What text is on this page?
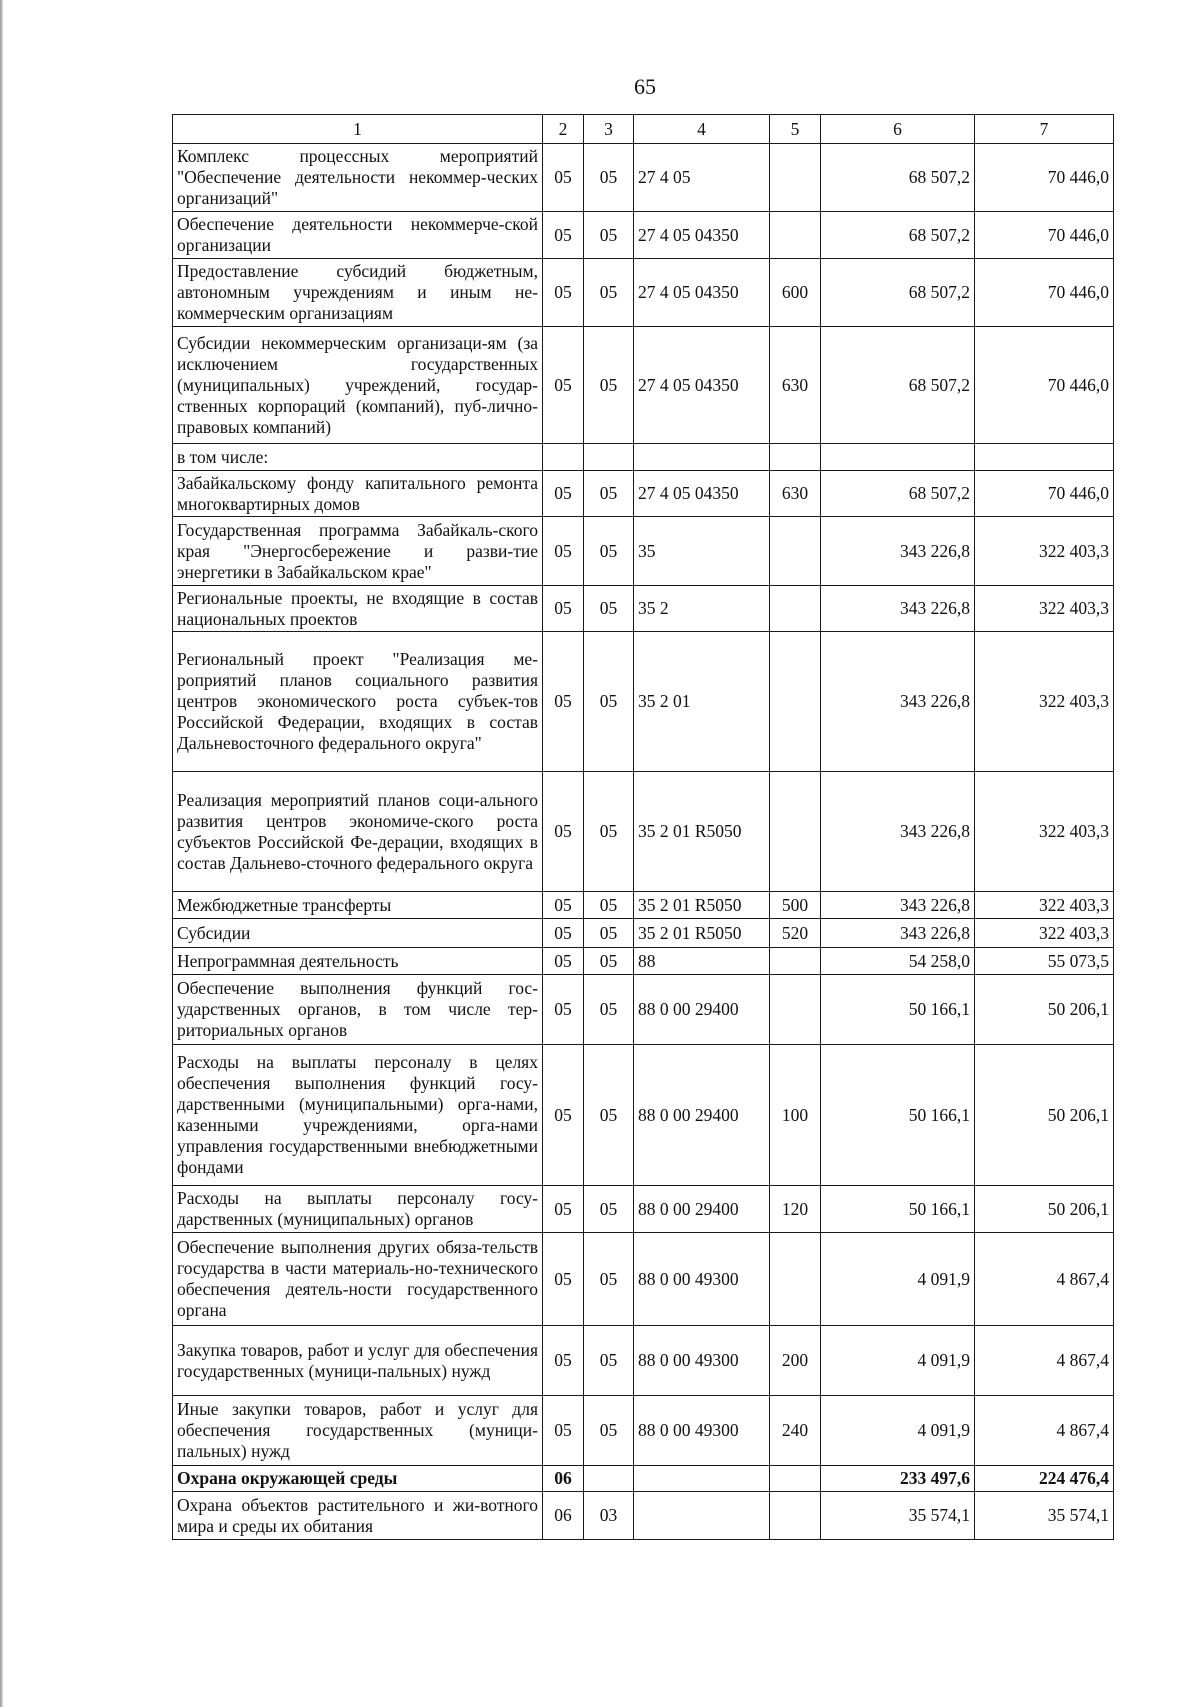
65
1	2	3	4	5	6	7
Комплекс процессных мероприятий "Обеспечение деятельности некоммер-ческих организаций"	05	05	27 4 05		68 507,2	70 446,0
Обеспечение деятельности некоммерче-ской организации	05	05	27 4 05 04350		68 507,2	70 446,0
Предоставление субсидий бюджетным, автономным учреждениям и иным не-коммерческим организациям	05	05	27 4 05 04350	600	68 507,2	70 446,0
Субсидии некоммерческим организаци-ям (за исключением государственных (муниципальных) учреждений, государ-ственных корпораций (компаний), пуб-лично-правовых компаний)	05	05	27 4 05 04350	630	68 507,2	70 446,0
в том числе:						
Забайкальскому фонду капитального ремонта многоквартирных домов	05	05	27 4 05 04350	630	68 507,2	70 446,0
Государственная программа Забайкаль-ского края "Энергосбережение и разви-тие энергетики в Забайкальском крае"	05	05	35		343 226,8	322 403,3
Региональные проекты, не входящие в состав национальных проектов	05	05	35 2		343 226,8	322 403,3
Региональный проект "Реализация ме-роприятий планов социального развития центров экономического роста субъек-тов Российской Федерации, входящих в состав Дальневосточного федерального округа"	05	05	35 2 01		343 226,8	322 403,3
Реализация мероприятий планов соци-ального развития центров экономиче-ского роста субъектов Российской Фе-дерации, входящих в состав Дальнево-сточного федерального округа	05	05	35 2 01 R5050		343 226,8	322 403,3
Межбюджетные трансферты	05	05	35 2 01 R5050	500	343 226,8	322 403,3
Субсидии	05	05	35 2 01 R5050	520	343 226,8	322 403,3
Непрограммная деятельность	05	05	88		54 258,0	55 073,5
Обеспечение выполнения функций гос-ударственных органов, в том числе тер-риториальных органов	05	05	88 0 00 29400		50 166,1	50 206,1
Расходы на выплаты персоналу в целях обеспечения выполнения функций госу-дарственными (муниципальными) орга-нами, казенными учреждениями, орга-нами управления государственными внебюджетными фондами	05	05	88 0 00 29400	100	50 166,1	50 206,1
Расходы на выплаты персоналу госу-дарственных (муниципальных) органов	05	05	88 0 00 29400	120	50 166,1	50 206,1
Обеспечение выполнения других обяза-тельств государства в части материаль-но-технического обеспечения деятель-ности государственного органа	05	05	88 0 00 49300		4 091,9	4 867,4
Закупка товаров, работ и услуг для обеспечения государственных (муници-пальных) нужд	05	05	88 0 00 49300	200	4 091,9	4 867,4
Иные закупки товаров, работ и услуг для обеспечения государственных (муници-пальных) нужд	05	05	88 0 00 49300	240	4 091,9	4 867,4
Охрана окружающей среды	06				233 497,6	224 476,4
Охрана объектов растительного и жи-вотного мира и среды их обитания	06	03			35 574,1	35 574,1
